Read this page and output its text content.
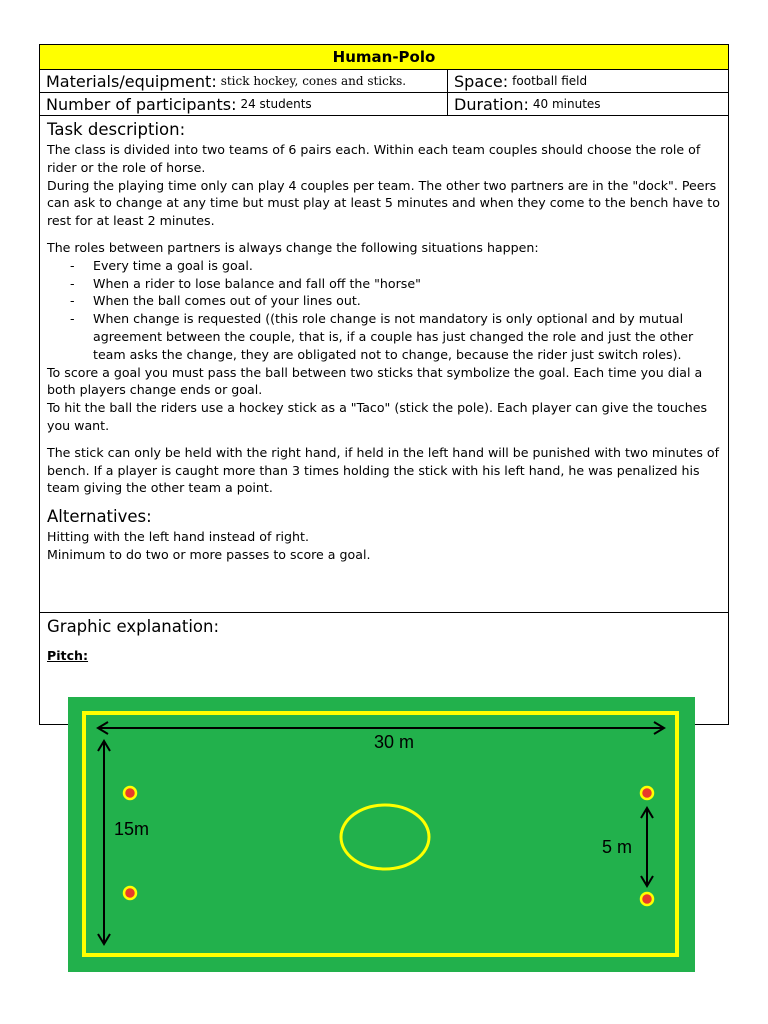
Human-Polo
Materials/equipment: stick hockey, cones and sticks.	Space: football field
Number of participants: 24 students	Duration: 40 minutes
Task description:

The class is divided into two teams of 6 pairs each. Within each team couples should choose the role of rider or the role of horse.

During the playing time only can play 4 couples per team. The other two partners are in the "dock". Peers can ask to change at any time but must play at least 5 minutes and when they come to the bench have to rest for at least 2 minutes.

The roles between partners is always change the following situations happen:

- Every time a goal is goal.
- When a rider to lose balance and fall off the "horse"
- When the ball comes out of your lines out.
- When change is requested ((this role change is not mandatory is only optional and by mutual agreement between the couple, that is, if a couple has just changed the role and just the other team asks the change, they are obligated not to change, because the rider just switch roles).

To score a goal you must pass the ball between two sticks that symbolize the goal. Each time you dial a both players change ends or goal.

To hit the ball the riders use a hockey stick as a "Taco" (stick the pole). Each player can give the touches you want.

The stick can only be held with the right hand, if held in the left hand will be punished with two minutes of bench. If a player is caught more than 3 times holding the stick with his left hand, he was penalized his team giving the other team a point.

Alternatives:

Hitting with the left hand instead of right.

Minimum to do two or more passes to score a goal.

Graphic explanation:
Pitch:
30 m
15m
5 m
